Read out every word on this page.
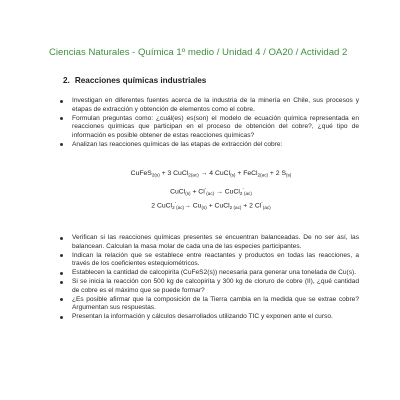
Ciencias Naturales - Química 1º medio / Unidad 4 / OA20 / Actividad 2
2. Reacciones químicas industriales
Investigan en diferentes fuentes acerca de la industria de la minería en Chile, sus procesos y etapas de extracción y obtención de elementos como el cobre.
Formulan preguntas como: ¿cuál(es) es(son) el modelo de ecuación química representada en reacciones químicas que participan en el proceso de obtención del cobre?, ¿qué tipo de información es posible obtener de estas reacciones químicas?
Analizan las reacciones químicas de las etapas de extracción del cobre:
CuFeS$_{2(s)}$ + 3 CuCl$_{2(ac)}$ → 4 CuCl$_{(s)}$ + FeCl$_{2(ac)}$ + 2 $S_{(s)}$
CuCl$_{(s)}$ + $Cl^-_{(ac)}$ → CuCl$_2$-$_{(ac)}$
2 CuCl$_2$-$_{(ac)}$→ $Cu_{(s)}$ + CuCl$_{2 (ac)}$ + 2 $Cl^-_{(ac)}$
Verifican si las reacciones químicas presentes se encuentran balanceadas. De no ser así, las balancean. Calculan la masa molar de cada una de las especies participantes.
Indican la relación que se establece entre reactantes y productos en todas las reacciones, a través de los coeficientes estequiométricos.
Establecen la cantidad de calcopirita (CuFeS2(s)) necesaria para generar una tonelada de Cu(s).
Si se inicia la reacción con 500 kg de calcopirita y 300 kg de cloruro de cobre (II), ¿qué cantidad de cobre es el máximo que se puede formar?
¿Es posible afirmar que la composición de la Tierra cambia en la medida que se extrae cobre? Argumentan sus respuestas.
Presentan la información y cálculos desarrollados utilizando TIC y exponen ante el curso.
